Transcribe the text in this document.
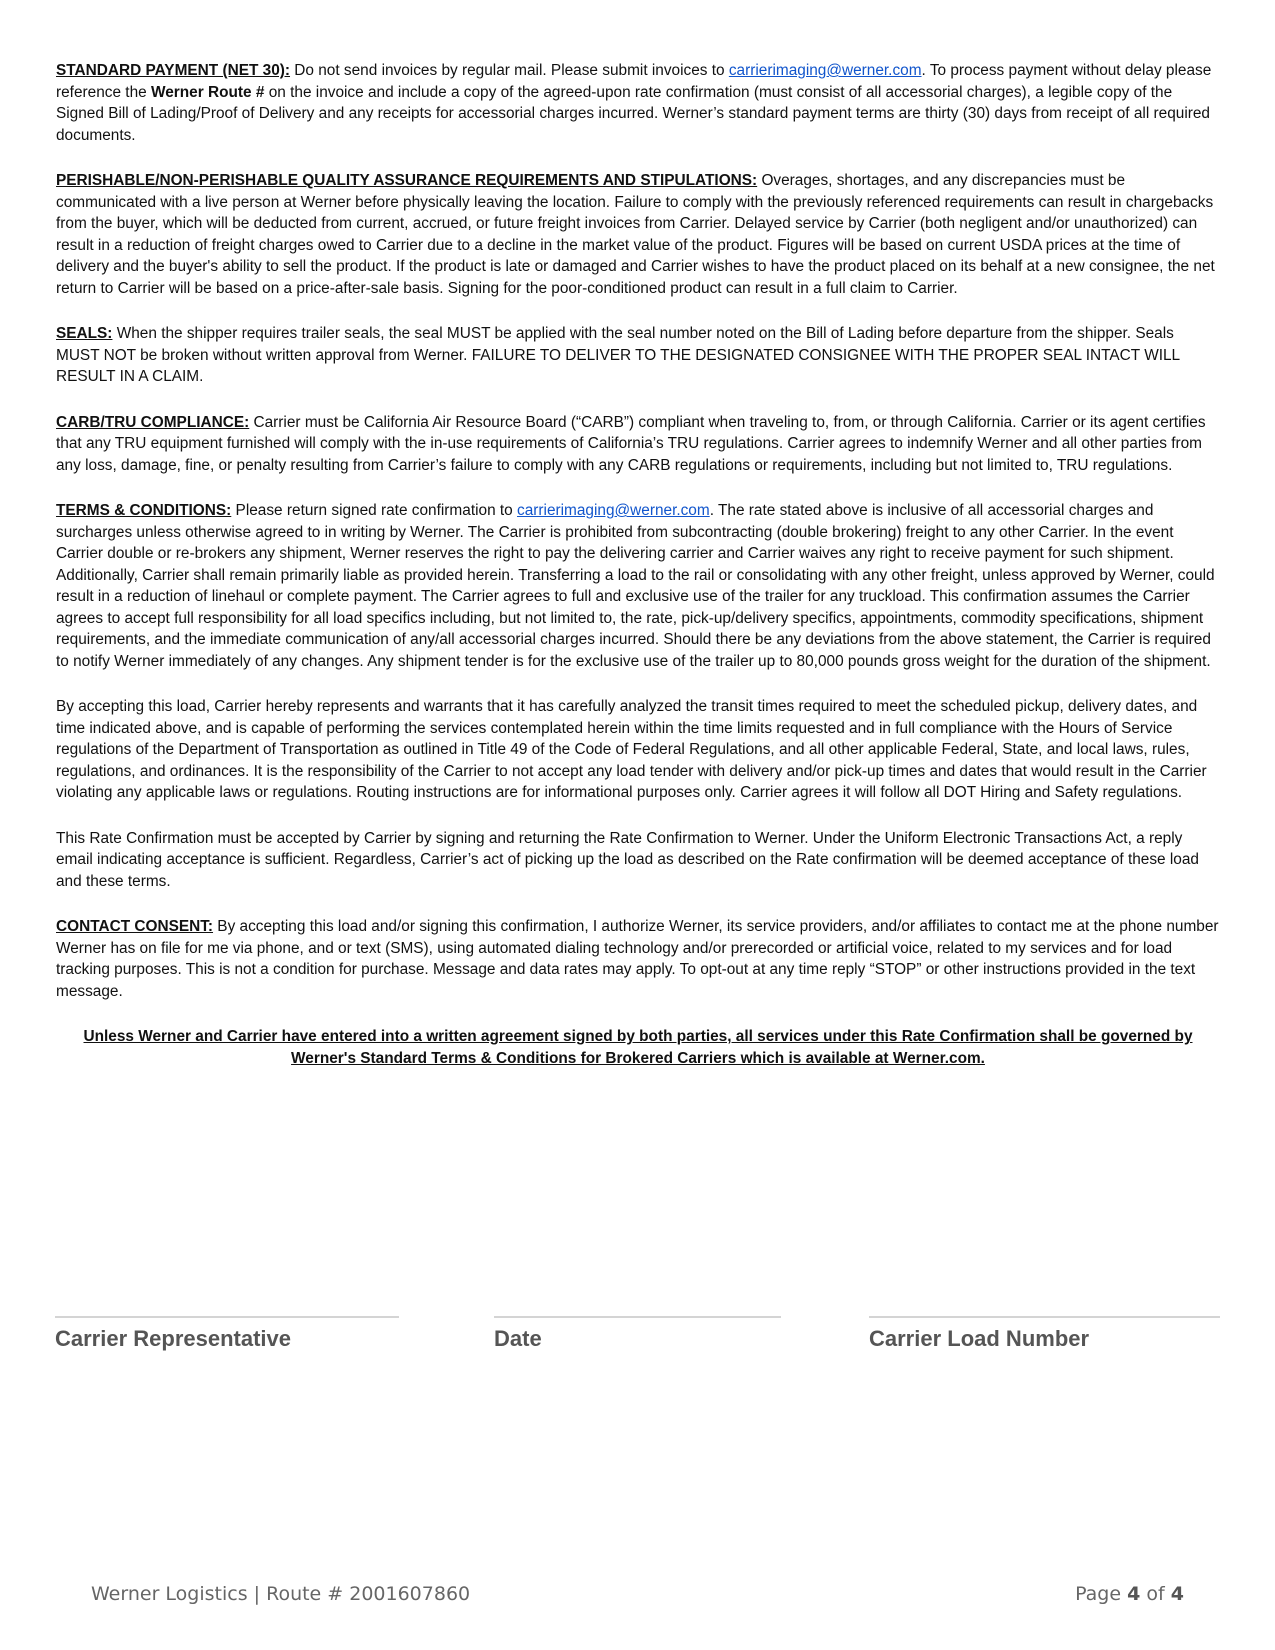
STANDARD PAYMENT (NET 30): Do not send invoices by regular mail. Please submit invoices to carrierimaging@werner.com. To process payment without delay please reference the Werner Route # on the invoice and include a copy of the agreed-upon rate confirmation (must consist of all accessorial charges), a legible copy of the Signed Bill of Lading/Proof of Delivery and any receipts for accessorial charges incurred. Werner’s standard payment terms are thirty (30) days from receipt of all required documents.

PERISHABLE/NON-PERISHABLE QUALITY ASSURANCE REQUIREMENTS AND STIPULATIONS: Overages, shortages, and any discrepancies must be communicated with a live person at Werner before physically leaving the location. Failure to comply with the previously referenced requirements can result in chargebacks from the buyer, which will be deducted from current, accrued, or future freight invoices from Carrier. Delayed service by Carrier (both negligent and/or unauthorized) can result in a reduction of freight charges owed to Carrier due to a decline in the market value of the product. Figures will be based on current USDA prices at the time of delivery and the buyer's ability to sell the product. If the product is late or damaged and Carrier wishes to have the product placed on its behalf at a new consignee, the net return to Carrier will be based on a price-after-sale basis. Signing for the poor-conditioned product can result in a full claim to Carrier.

SEALS: When the shipper requires trailer seals, the seal MUST be applied with the seal number noted on the Bill of Lading before departure from the shipper. Seals MUST NOT be broken without written approval from Werner. FAILURE TO DELIVER TO THE DESIGNATED CONSIGNEE WITH THE PROPER SEAL INTACT WILL RESULT IN A CLAIM.

CARB/TRU COMPLIANCE: Carrier must be California Air Resource Board (“CARB”) compliant when traveling to, from, or through California. Carrier or its agent certifies that any TRU equipment furnished will comply with the in-use requirements of California’s TRU regulations. Carrier agrees to indemnify Werner and all other parties from any loss, damage, fine, or penalty resulting from Carrier’s failure to comply with any CARB regulations or requirements, including but not limited to, TRU regulations.

TERMS & CONDITIONS: Please return signed rate confirmation to carrierimaging@werner.com. The rate stated above is inclusive of all accessorial charges and surcharges unless otherwise agreed to in writing by Werner. The Carrier is prohibited from subcontracting (double brokering) freight to any other Carrier. In the event Carrier double or re-brokers any shipment, Werner reserves the right to pay the delivering carrier and Carrier waives any right to receive payment for such shipment. Additionally, Carrier shall remain primarily liable as provided herein. Transferring a load to the rail or consolidating with any other freight, unless approved by Werner, could result in a reduction of linehaul or complete payment. The Carrier agrees to full and exclusive use of the trailer for any truckload. This confirmation assumes the Carrier agrees to accept full responsibility for all load specifics including, but not limited to, the rate, pick-up/delivery specifics, appointments, commodity specifications, shipment requirements, and the immediate communication of any/all accessorial charges incurred. Should there be any deviations from the above statement, the Carrier is required to notify Werner immediately of any changes. Any shipment tender is for the exclusive use of the trailer up to 80,000 pounds gross weight for the duration of the shipment.

By accepting this load, Carrier hereby represents and warrants that it has carefully analyzed the transit times required to meet the scheduled pickup, delivery dates, and time indicated above, and is capable of performing the services contemplated herein within the time limits requested and in full compliance with the Hours of Service regulations of the Department of Transportation as outlined in Title 49 of the Code of Federal Regulations, and all other applicable Federal, State, and local laws, rules, regulations, and ordinances. It is the responsibility of the Carrier to not accept any load tender with delivery and/or pick-up times and dates that would result in the Carrier violating any applicable laws or regulations. Routing instructions are for informational purposes only. Carrier agrees it will follow all DOT Hiring and Safety regulations.

This Rate Confirmation must be accepted by Carrier by signing and returning the Rate Confirmation to Werner. Under the Uniform Electronic Transactions Act, a reply email indicating acceptance is sufficient. Regardless, Carrier’s act of picking up the load as described on the Rate confirmation will be deemed acceptance of these load and these terms.

CONTACT CONSENT: By accepting this load and/or signing this confirmation, I authorize Werner, its service providers, and/or affiliates to contact me at the phone number Werner has on file for me via phone, and or text (SMS), using automated dialing technology and/or prerecorded or artificial voice, related to my services and for load tracking purposes. This is not a condition for purchase. Message and data rates may apply. To opt-out at any time reply “STOP” or other instructions provided in the text message.

Unless Werner and Carrier have entered into a written agreement signed by both parties, all services under this Rate Confirmation shall be governed by Werner's Standard Terms & Conditions for Brokered Carriers which is available at Werner.com.

Carrier Representative	Date	Carrier Load Number
Werner Logistics | Route # 2001607860	Page 4 of 4
